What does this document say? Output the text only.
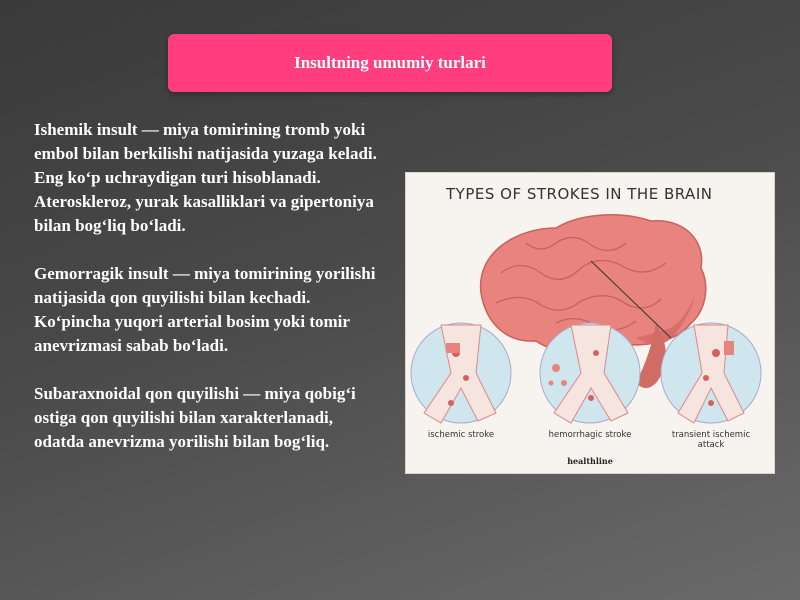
Insultning umumiy turlari

Ishemik insult — miya tomirining tromb yoki embol bilan berkilishi natijasida yuzaga keladi. Eng ko‘p uchraydigan turi hisoblanadi. Ateroskleroz, yurak kasalliklari va gipertoniya bilan bog‘liq bo‘ladi.

Gemorragik insult — miya tomirining yorilishi natijasida qon quyilishi bilan kechadi. Ko‘pincha yuqori arterial bosim yoki tomir anevrizmasi sabab bo‘ladi.

Subaraxnoidal qon quyilishi — miya qobig‘i ostiga qon quyilishi bilan xarakterlanadi, odatda anevrizma yorilishi bilan bog‘liq.

TYPES OF STROKES IN THE BRAIN
ischemic stroke	hemorrhagic stroke	transient ischemic
attack
healthline
